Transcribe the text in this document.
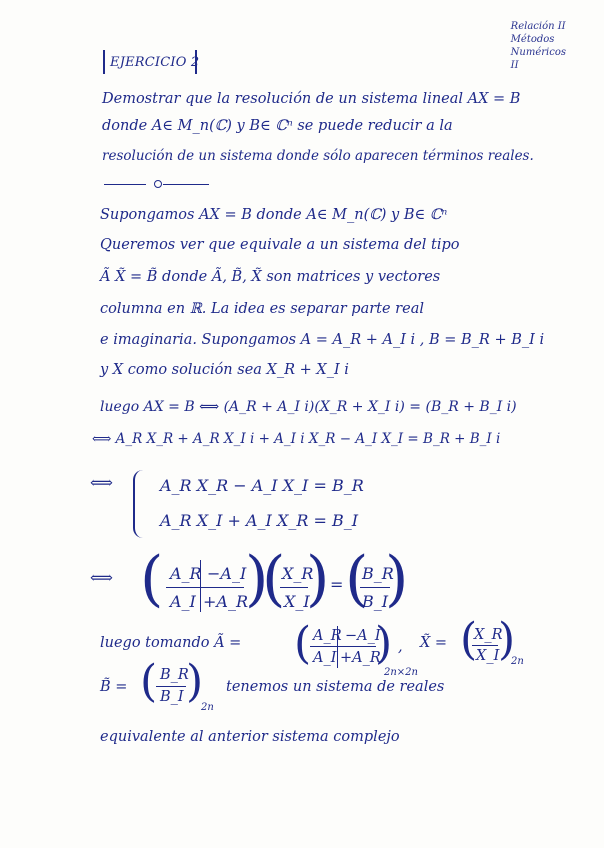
Relación II
Métodos
Numéricos
II
EJERCICIO 2
Demostrar que la resolución de un sistema lineal AX = B
donde A∈ M_n(ℂ) y B∈ ℂⁿ se puede reducir a la
resolución de un sistema donde sólo aparecen términos reales.
Supongamos AX = B donde A∈ M_n(ℂ) y B∈ ℂⁿ
Queremos ver que equivale a un sistema del tipo
Ã X̃ = B̃ donde Ã, B̃, X̃ son matrices y vectores
columna en ℝ. La idea es separar parte real
e imaginaria. Supongamos A = A_R + A_I i , B = B_R + B_I i
y X como solución sea X_R + X_I i
luego AX = B ⟺ (A_R + A_I i)(X_R + X_I i) = (B_R + B_I i)
⟺ A_R X_R + A_R X_I i + A_I i X_R − A_I X_I = B_R + B_I i
⟺	A_R X_R − A_I X_I = B_R
A_R X_I + A_I X_R = B_I
⟺ ( A_R −A_I
A_I +A_R
)
(
X_R
X_I
) = (
B_R
B_I
)
luego tomando Ã = ( A_R −A_I
A_I +A_R
)
2n×2n
, X̃ = (
X_R
X_I
)
2n
B̃ = ( B_R
B_I )
2n
tenemos un sistema de reales
equivalente al anterior sistema complejo
